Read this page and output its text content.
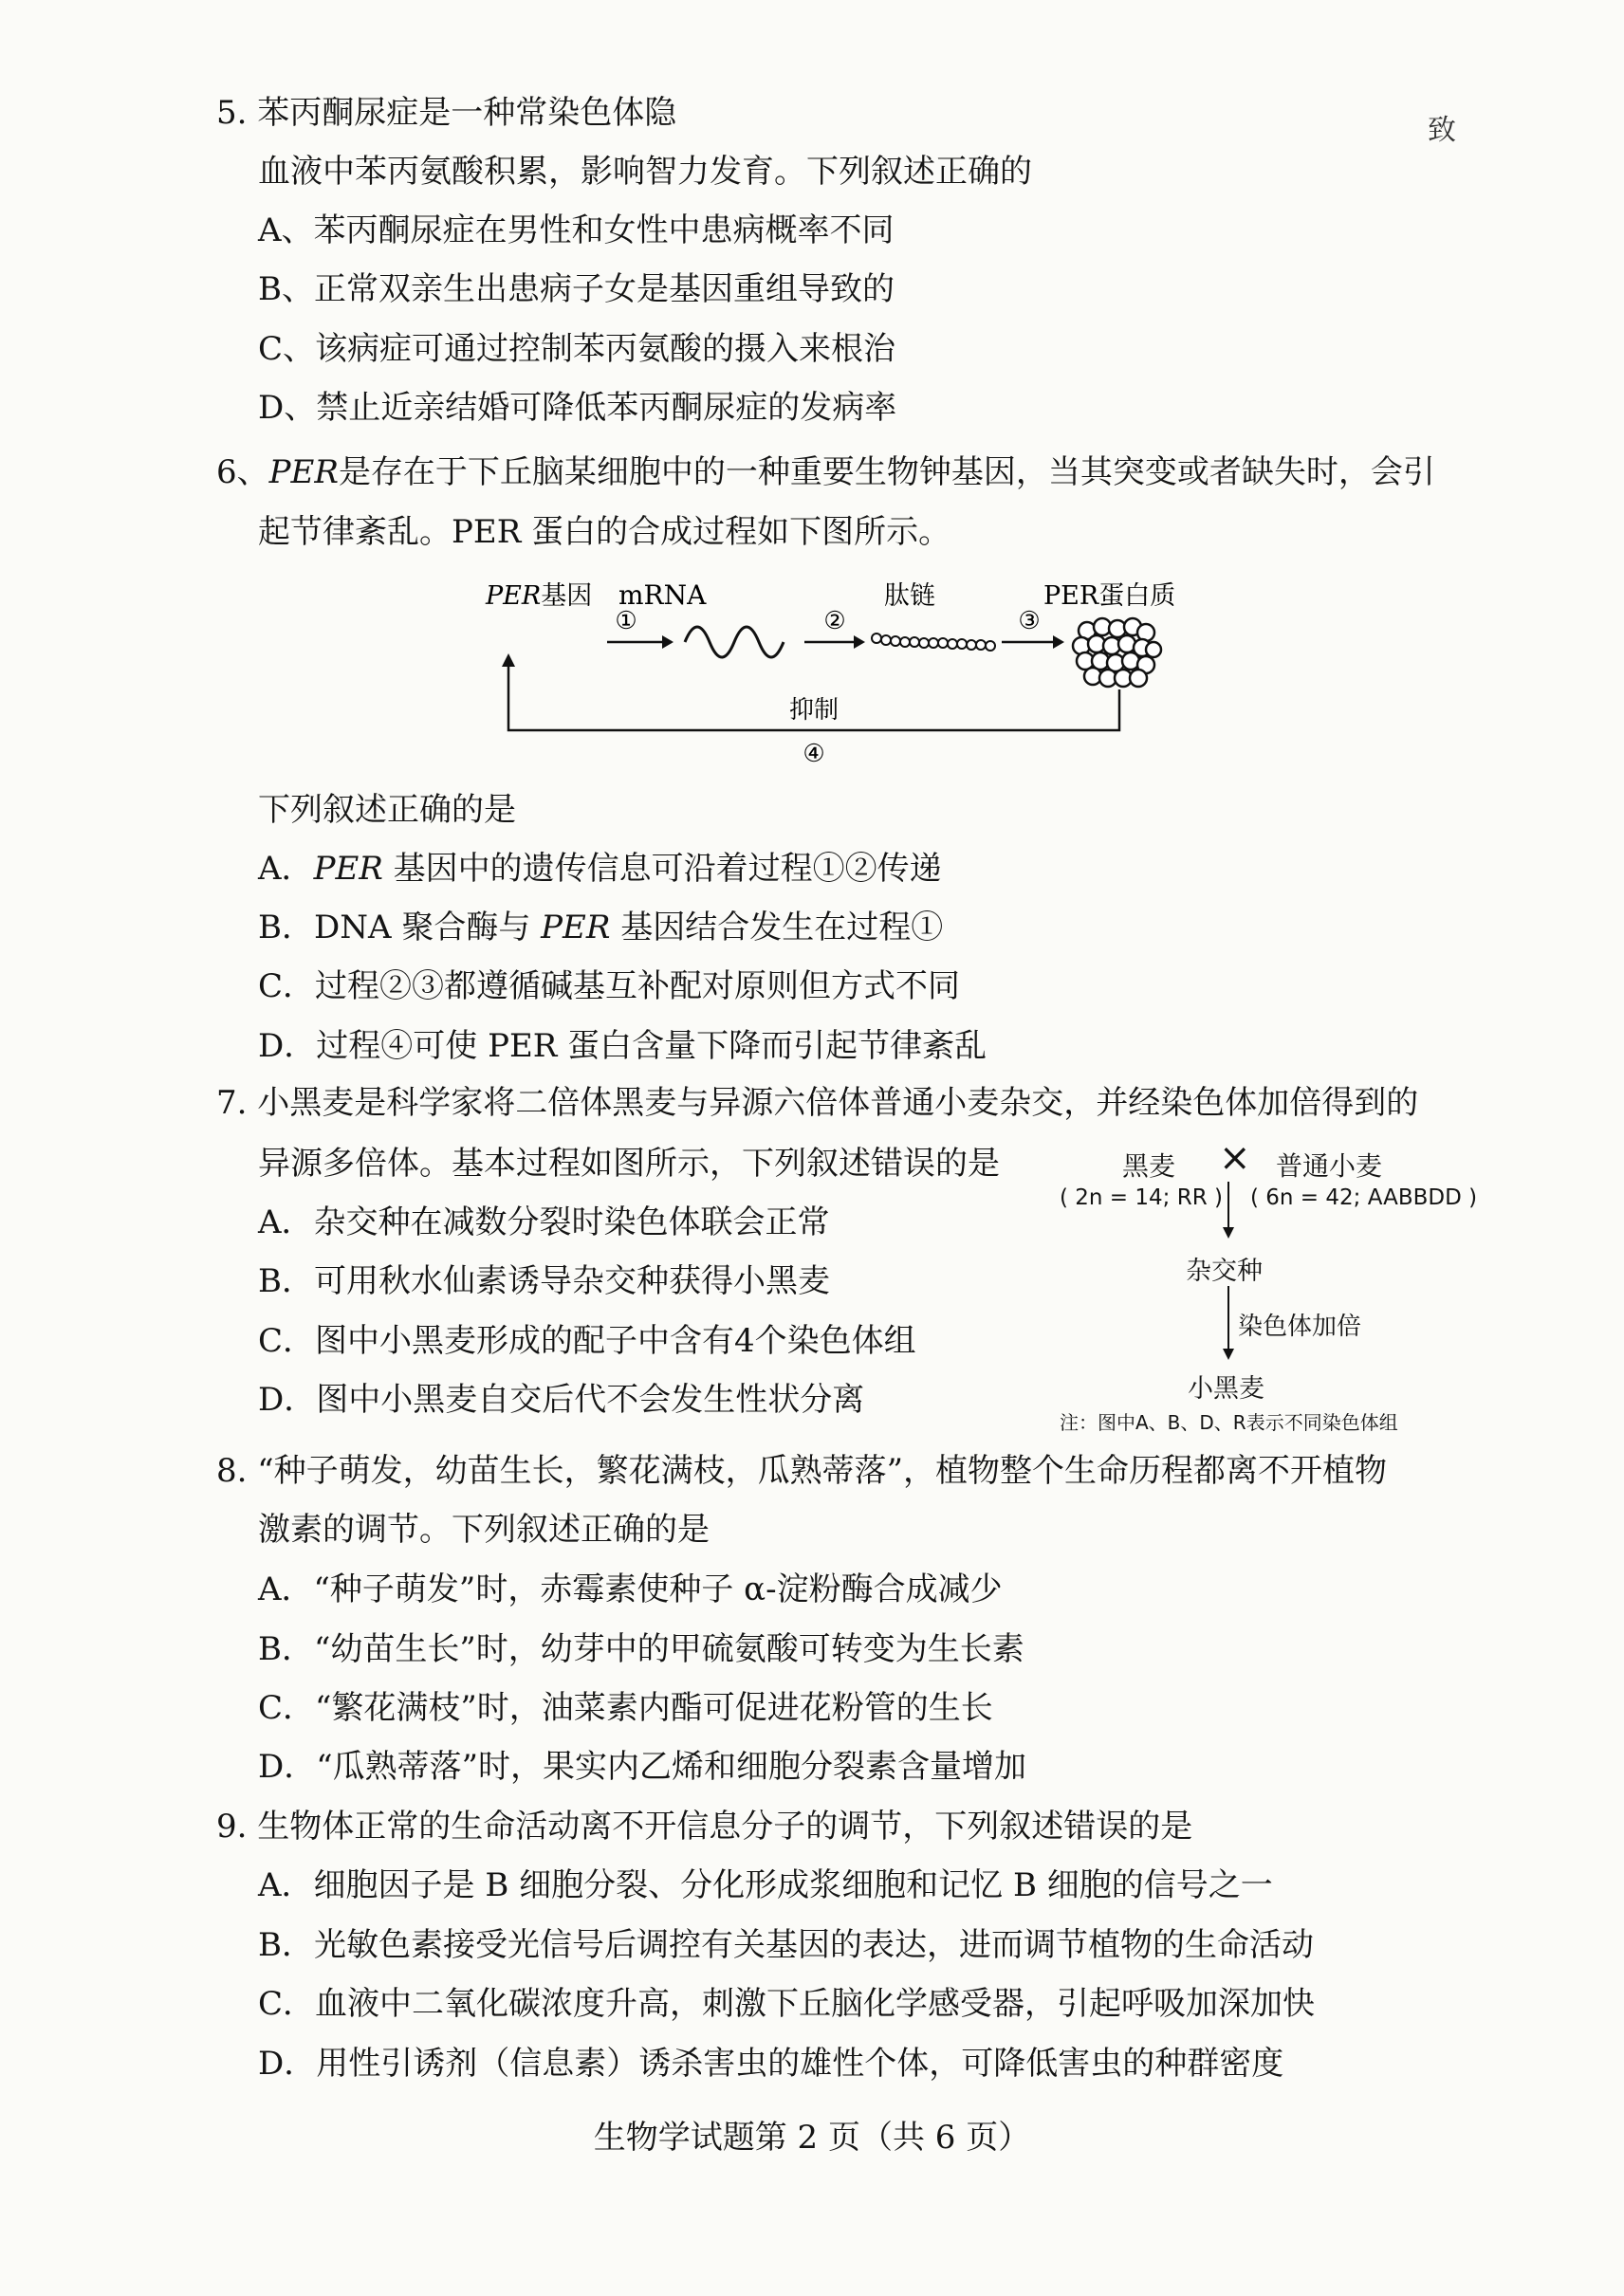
致
5. 苯丙酮尿症是一种常染色体隐
血液中苯丙氨酸积累，影响智力发育。下列叙述正确的
A、苯丙酮尿症在男性和女性中患病概率不同
B、正常双亲生出患病子女是基因重组导致的
C、该病症可通过控制苯丙氨酸的摄入来根治
D、禁止近亲结婚可降低苯丙酮尿症的发病率
6、PER是存在于下丘脑某细胞中的一种重要生物钟基因，当其突变或者缺失时，会引
起节律紊乱。PER 蛋白的合成过程如下图所示。
PER基因 mRNA	肽链	PER蛋白质
①	②	③
抑制
④
下列叙述正确的是
A．PER 基因中的遗传信息可沿着过程①②传递
B．DNA 聚合酶与 PER 基因结合发生在过程①
C．过程②③都遵循碱基互补配对原则但方式不同
D．过程④可使 PER 蛋白含量下降而引起节律紊乱
7. 小黑麦是科学家将二倍体黑麦与异源六倍体普通小麦杂交，并经染色体加倍得到的
异源多倍体。基本过程如图所示，下列叙述错误的是
A．杂交种在减数分裂时染色体联会正常
B．可用秋水仙素诱导杂交种获得小黑麦
C．图中小黑麦形成的配子中含有4个染色体组
D．图中小黑麦自交后代不会发生性状分离
黑麦 × 普通小麦
( 2n = 14; RR ) ( 6n = 42; AABBDD )
杂交种
染色体加倍
小黑麦
注：图中A、B、D、R表示不同染色体组
8. “种子萌发，幼苗生长，繁花满枝，瓜熟蒂落”，植物整个生命历程都离不开植物
激素的调节。下列叙述正确的是
A．“种子萌发”时，赤霉素使种子 α-淀粉酶合成减少
B．“幼苗生长”时，幼芽中的甲硫氨酸可转变为生长素
C．“繁花满枝”时，油菜素内酯可促进花粉管的生长
D．“瓜熟蒂落”时，果实内乙烯和细胞分裂素含量增加
9. 生物体正常的生命活动离不开信息分子的调节，下列叙述错误的是
A．细胞因子是 B 细胞分裂、分化形成浆细胞和记忆 B 细胞的信号之一
B．光敏色素接受光信号后调控有关基因的表达，进而调节植物的生命活动
C．血液中二氧化碳浓度升高，刺激下丘脑化学感受器，引起呼吸加深加快
D．用性引诱剂（信息素）诱杀害虫的雄性个体，可降低害虫的种群密度
生物学试题第 2 页（共 6 页）
